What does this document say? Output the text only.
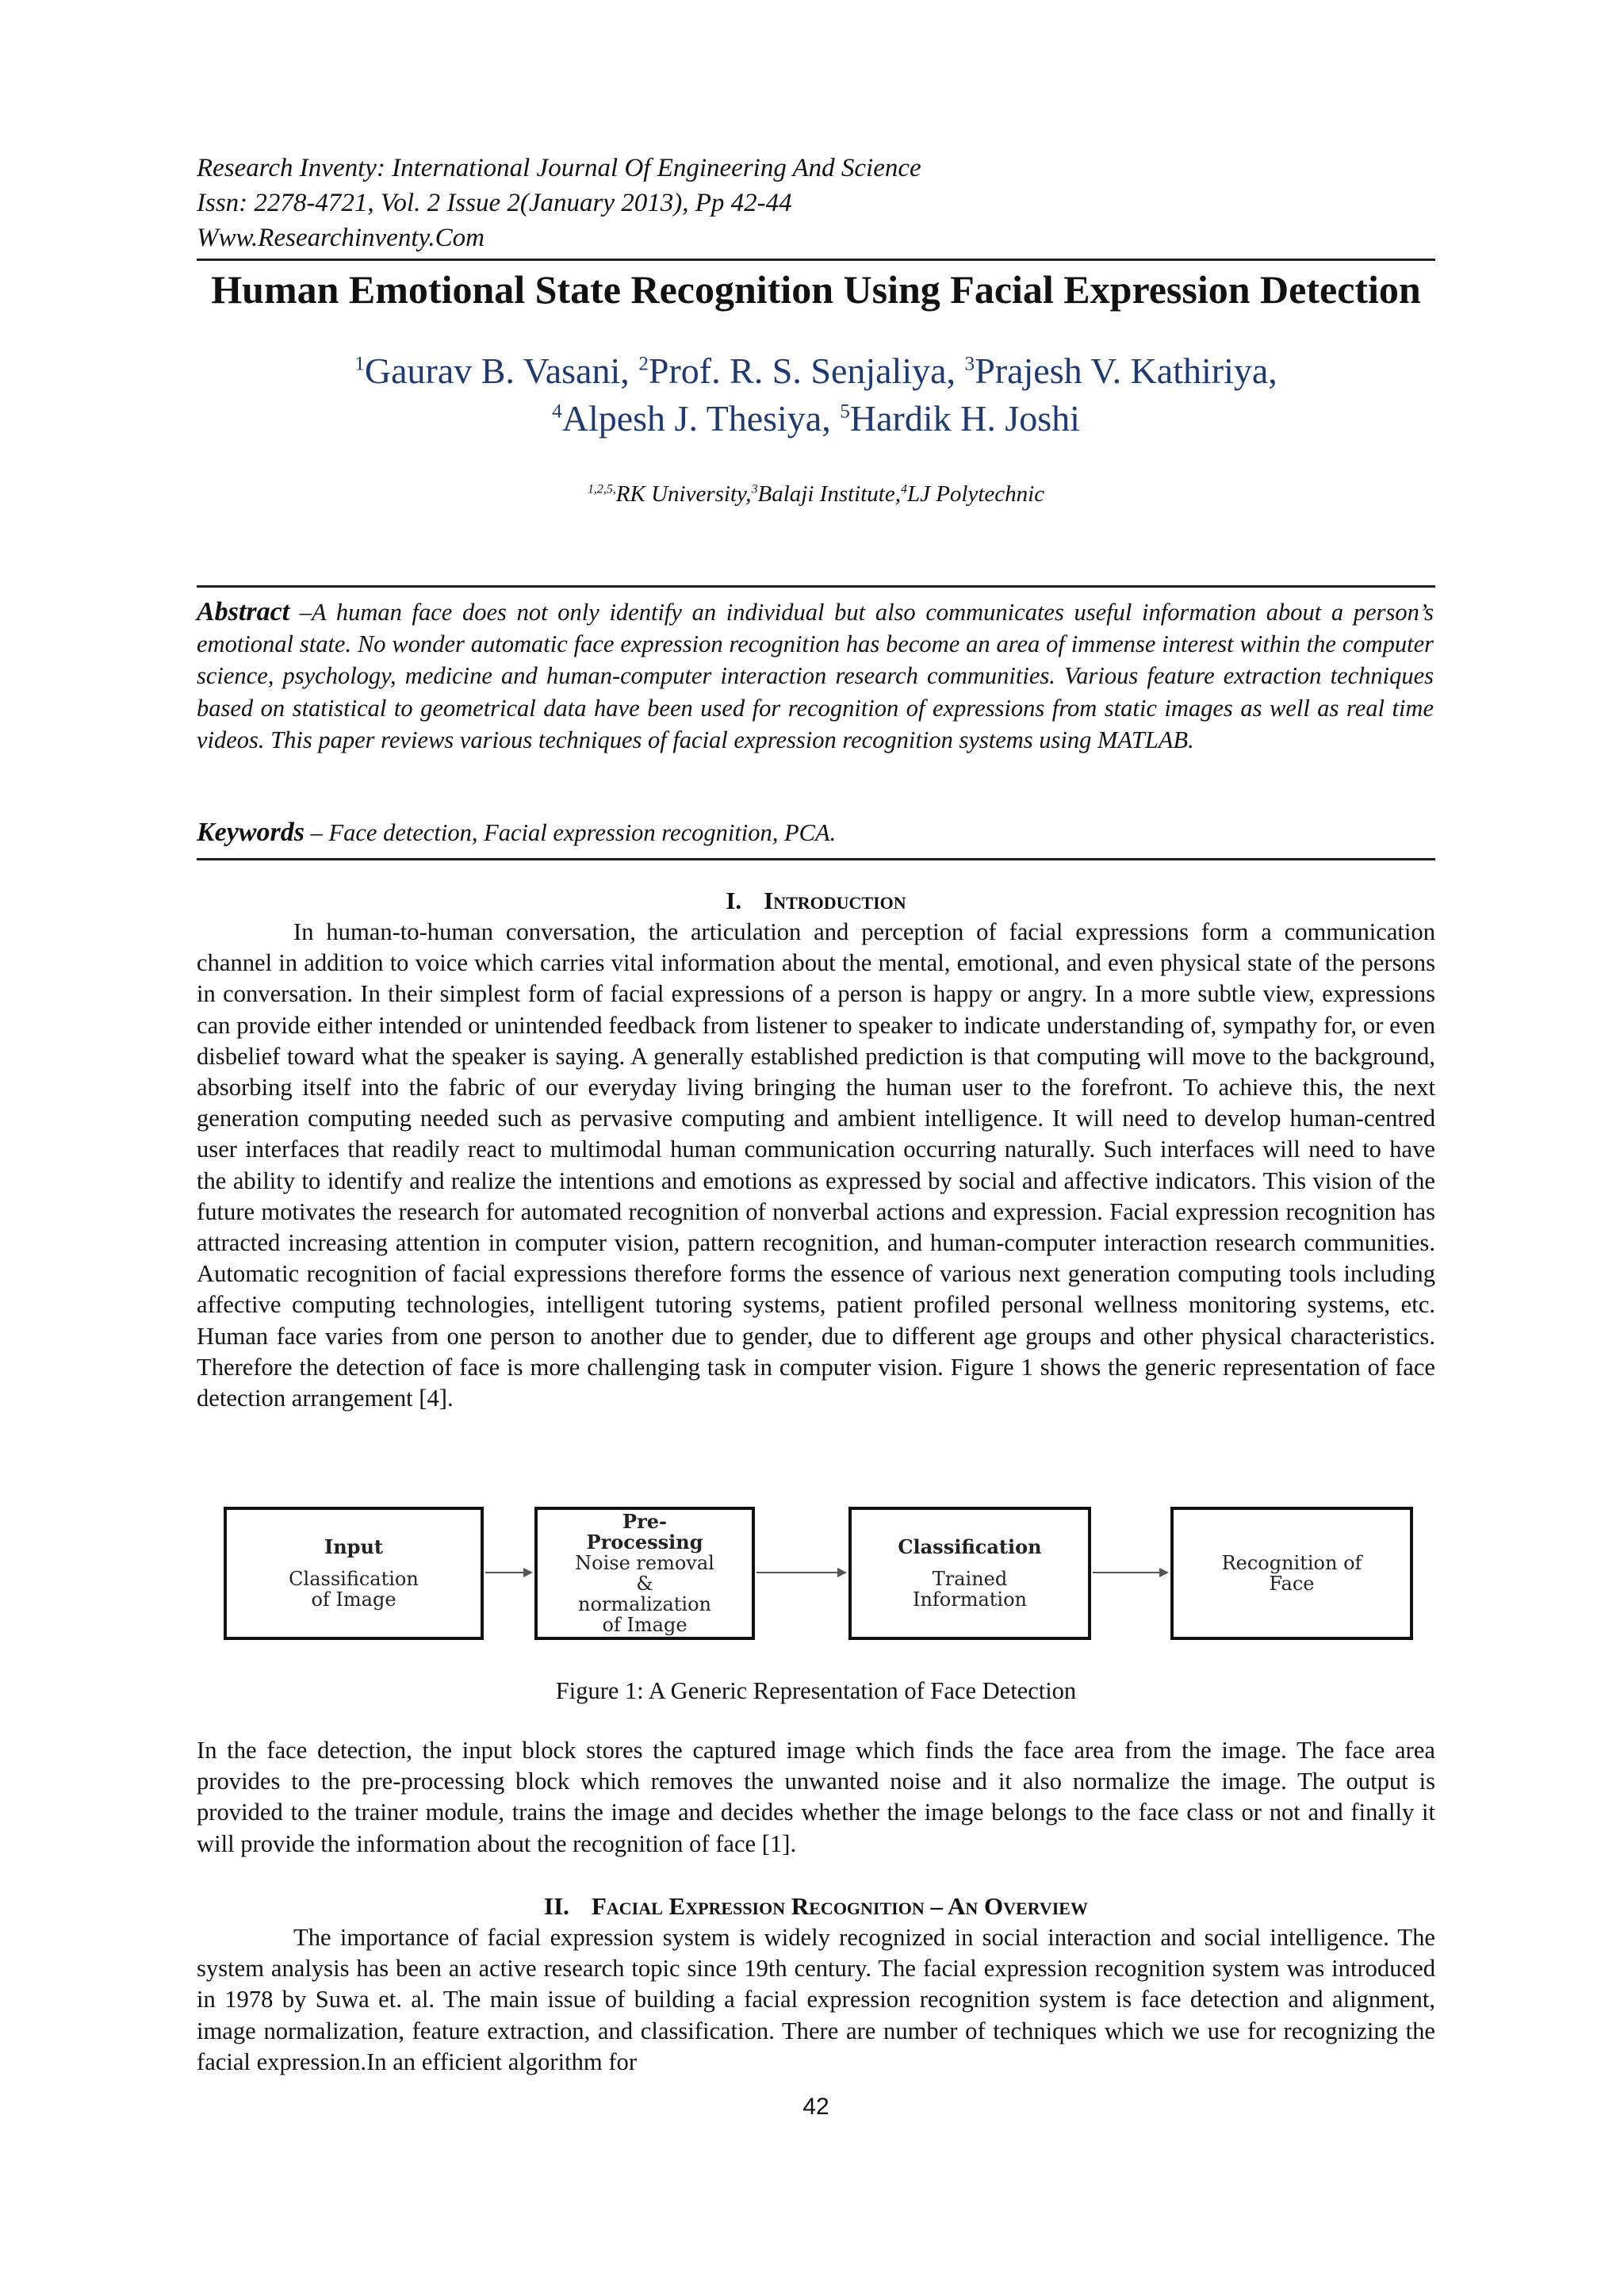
Research Inventy: International Journal Of Engineering And Science
Issn: 2278-4721, Vol. 2 Issue 2(January 2013), Pp 42-44
Www.Researchinventy.Com
Human Emotional State Recognition Using Facial Expression Detection
$^1$Gaurav B. Vasani, $^2$Prof. R. S. Senjaliya, $^3$Prajesh V. Kathiriya,
$^4$Alpesh J. Thesiya, $^5$Hardik H. Joshi
$^{1,2,5,}$RK University,$^3$Balaji Institute,$^4$LJ Polytechnic
Abstract –A human face does not only identify an individual but also communicates useful information about a person’s emotional state. No wonder automatic face expression recognition has become an area of immense interest within the computer science, psychology, medicine and human-computer interaction research communities. Various feature extraction techniques based on statistical to geometrical data have been used for recognition of expressions from static images as well as real time videos. This paper reviews various techniques of facial expression recognition systems using MATLAB.
Keywords – Face detection, Facial expression recognition, PCA.
I. Introduction

In human-to-human conversation, the articulation and perception of facial expressions form a communication channel in addition to voice which carries vital information about the mental, emotional, and even physical state of the persons in conversation. In their simplest form of facial expressions of a person is happy or angry. In a more subtle view, expressions can provide either intended or unintended feedback from listener to speaker to indicate understanding of, sympathy for, or even disbelief toward what the speaker is saying. A generally established prediction is that computing will move to the background, absorbing itself into the fabric of our everyday living bringing the human user to the forefront. To achieve this, the next generation computing needed such as pervasive computing and ambient intelligence. It will need to develop human-centred user interfaces that readily react to multimodal human communication occurring naturally. Such interfaces will need to have the ability to identify and realize the intentions and emotions as expressed by social and affective indicators. This vision of the future motivates the research for automated recognition of nonverbal actions and expression. Facial expression recognition has attracted increasing attention in computer vision, pattern recognition, and human-computer interaction research communities. Automatic recognition of facial expressions therefore forms the essence of various next generation computing tools including affective computing technologies, intelligent tutoring systems, patient profiled personal wellness monitoring systems, etc. Human face varies from one person to another due to gender, due to different age groups and other physical characteristics. Therefore the detection of face is more challenging task in computer vision. Figure 1 shows the generic representation of face detection arrangement [4].

Input
Classification
of Image
Pre-
Processing
Noise removal
&
normalization
of Image
Classification
Trained
Information
Recognition of
Face
Figure 1: A Generic Representation of Face Detection

In the face detection, the input block stores the captured image which finds the face area from the image. The face area provides to the pre-processing block which removes the unwanted noise and it also normalize the image. The output is provided to the trainer module, trains the image and decides whether the image belongs to the face class or not and finally it will provide the information about the recognition of face [1].

II. Facial Expression Recognition – An Overview

The importance of facial expression system is widely recognized in social interaction and social intelligence. The system analysis has been an active research topic since 19th century. The facial expression recognition system was introduced in 1978 by Suwa et. al. The main issue of building a facial expression recognition system is face detection and alignment, image normalization, feature extraction, and classification. There are number of techniques which we use for recognizing the facial expression.In an efficient algorithm for

42
